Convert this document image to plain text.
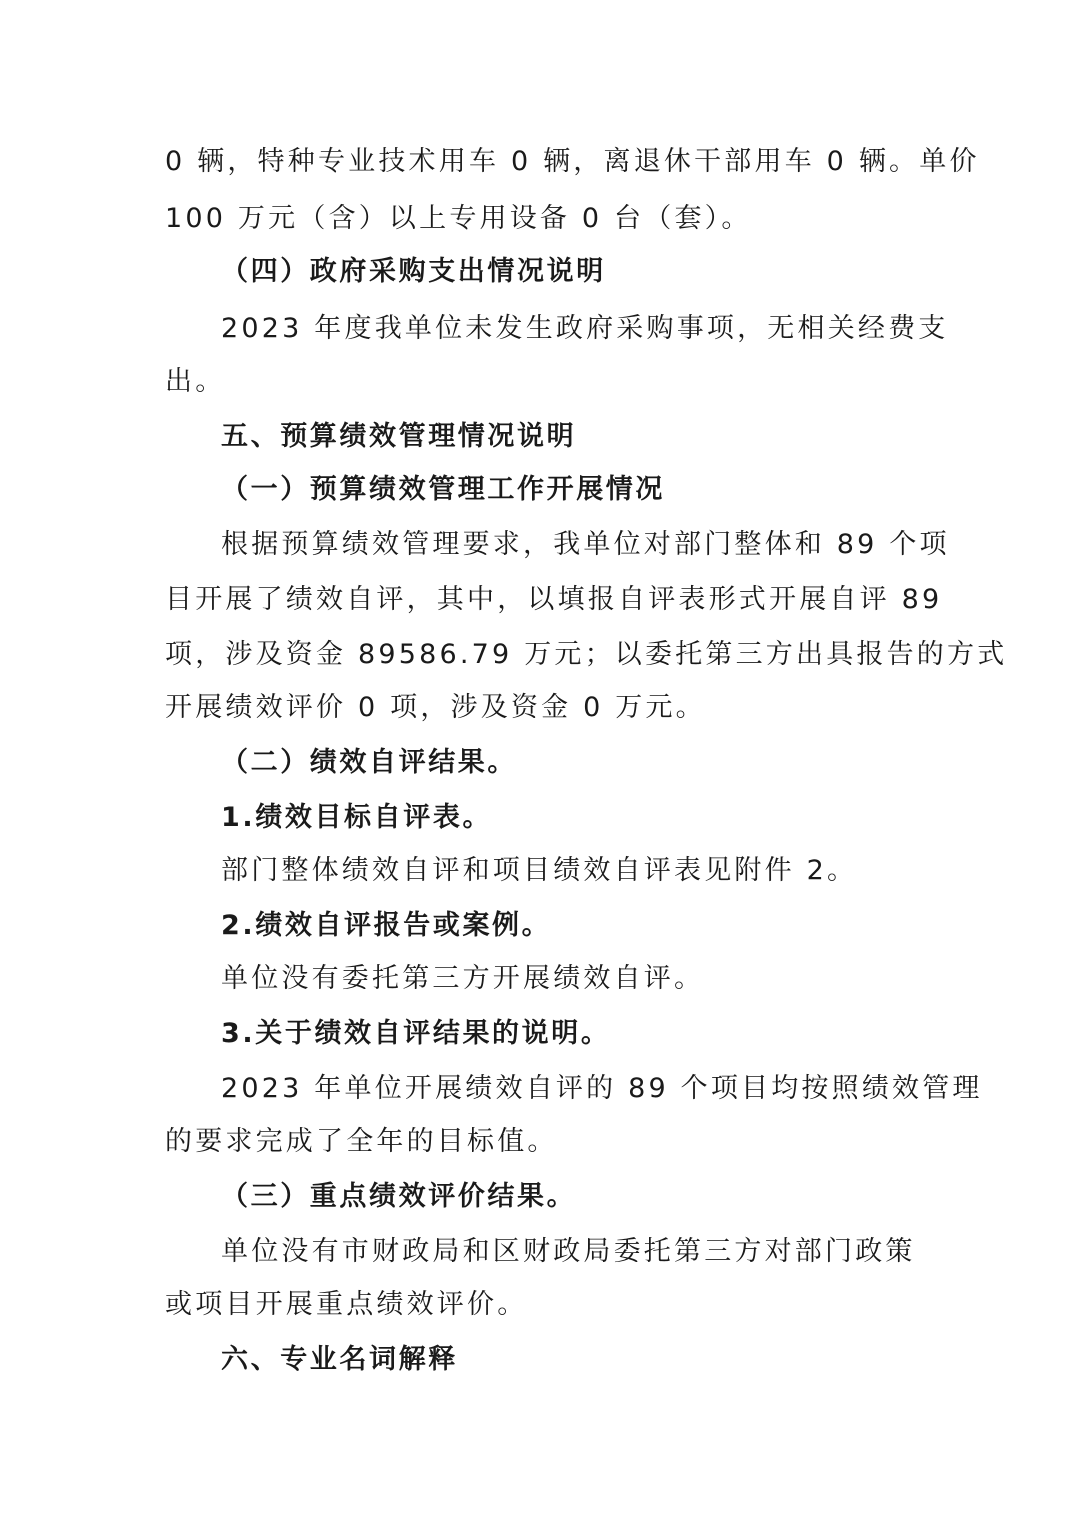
0 辆，特种专业技术用车 0 辆，离退休干部用车 0 辆。单价
100 万元（含）以上专用设备 0 台（套）。
（四）政府采购支出情况说明
2023 年度我单位未发生政府采购事项，无相关经费支
出。
五、预算绩效管理情况说明
（一）预算绩效管理工作开展情况
根据预算绩效管理要求，我单位对部门整体和 89 个项
目开展了绩效自评，其中，以填报自评表形式开展自评 89
项，涉及资金 89586.79 万元；以委托第三方出具报告的方式
开展绩效评价 0 项，涉及资金 0 万元。
（二）绩效自评结果。
1.绩效目标自评表。
部门整体绩效自评和项目绩效自评表见附件 2。
2.绩效自评报告或案例。
单位没有委托第三方开展绩效自评。
3.关于绩效自评结果的说明。
2023 年单位开展绩效自评的 89 个项目均按照绩效管理
的要求完成了全年的目标值。
（三）重点绩效评价结果。
单位没有市财政局和区财政局委托第三方对部门政策
或项目开展重点绩效评价。
六、专业名词解释
